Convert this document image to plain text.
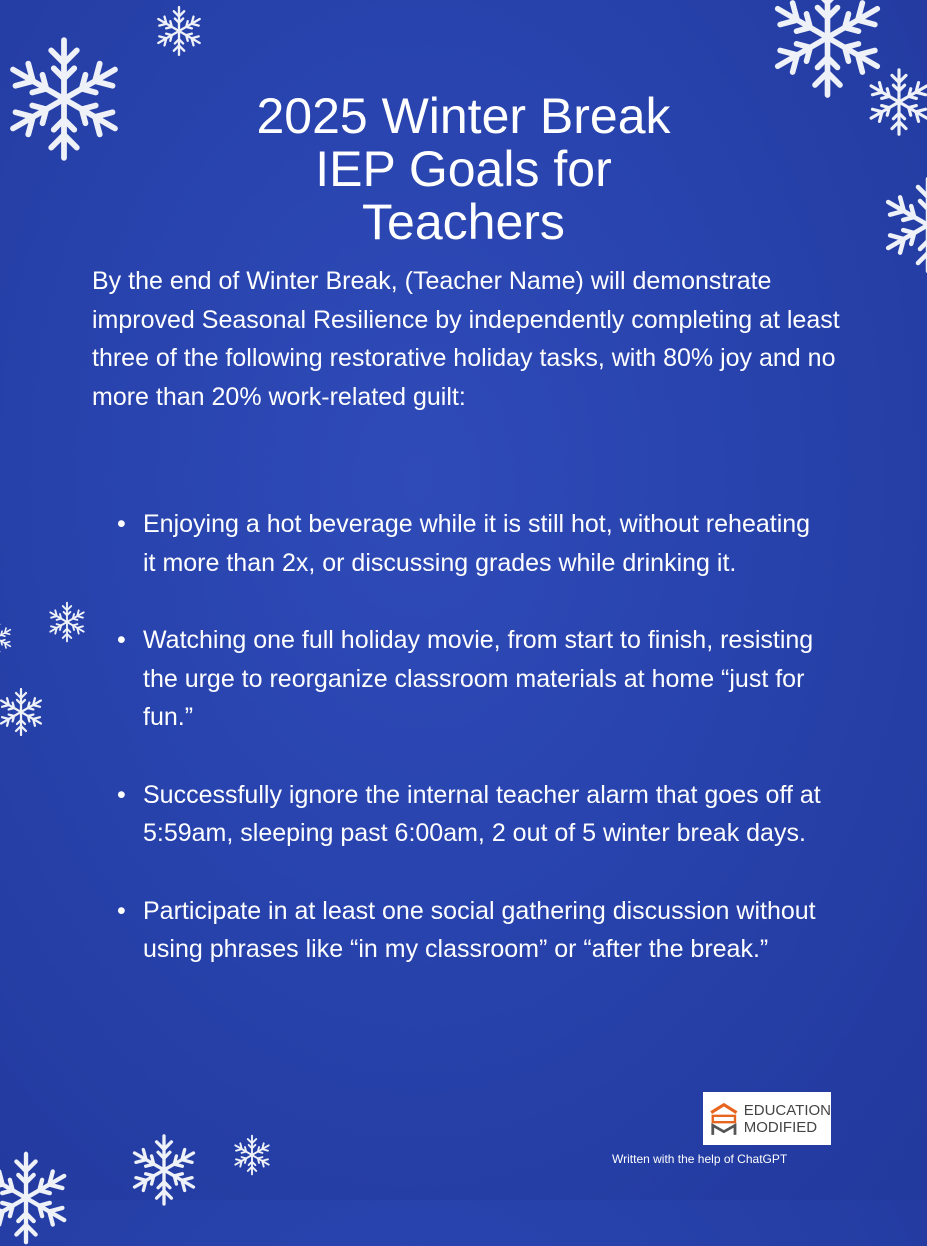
2025 Winter Break
IEP Goals for
Teachers

By the end of Winter Break, (Teacher Name) will demonstrate improved Seasonal Resilience by independently completing at least three of the following restorative holiday tasks, with 80% joy and no more than 20% work-related guilt:

• Enjoying a hot beverage while it is still hot, without reheating it more than 2x, or discussing grades while drinking it.
• Watching one full holiday movie, from start to finish, resisting the urge to reorganize classroom materials at home “just for fun.”
• Successfully ignore the internal teacher alarm that goes off at 5:59am, sleeping past 6:00am, 2 out of 5 winter break days.
• Participate in at least one social gathering discussion without using phrases like “in my classroom” or “after the break.”
EDUCATION
MODIFIED
Written with the help of ChatGPT
